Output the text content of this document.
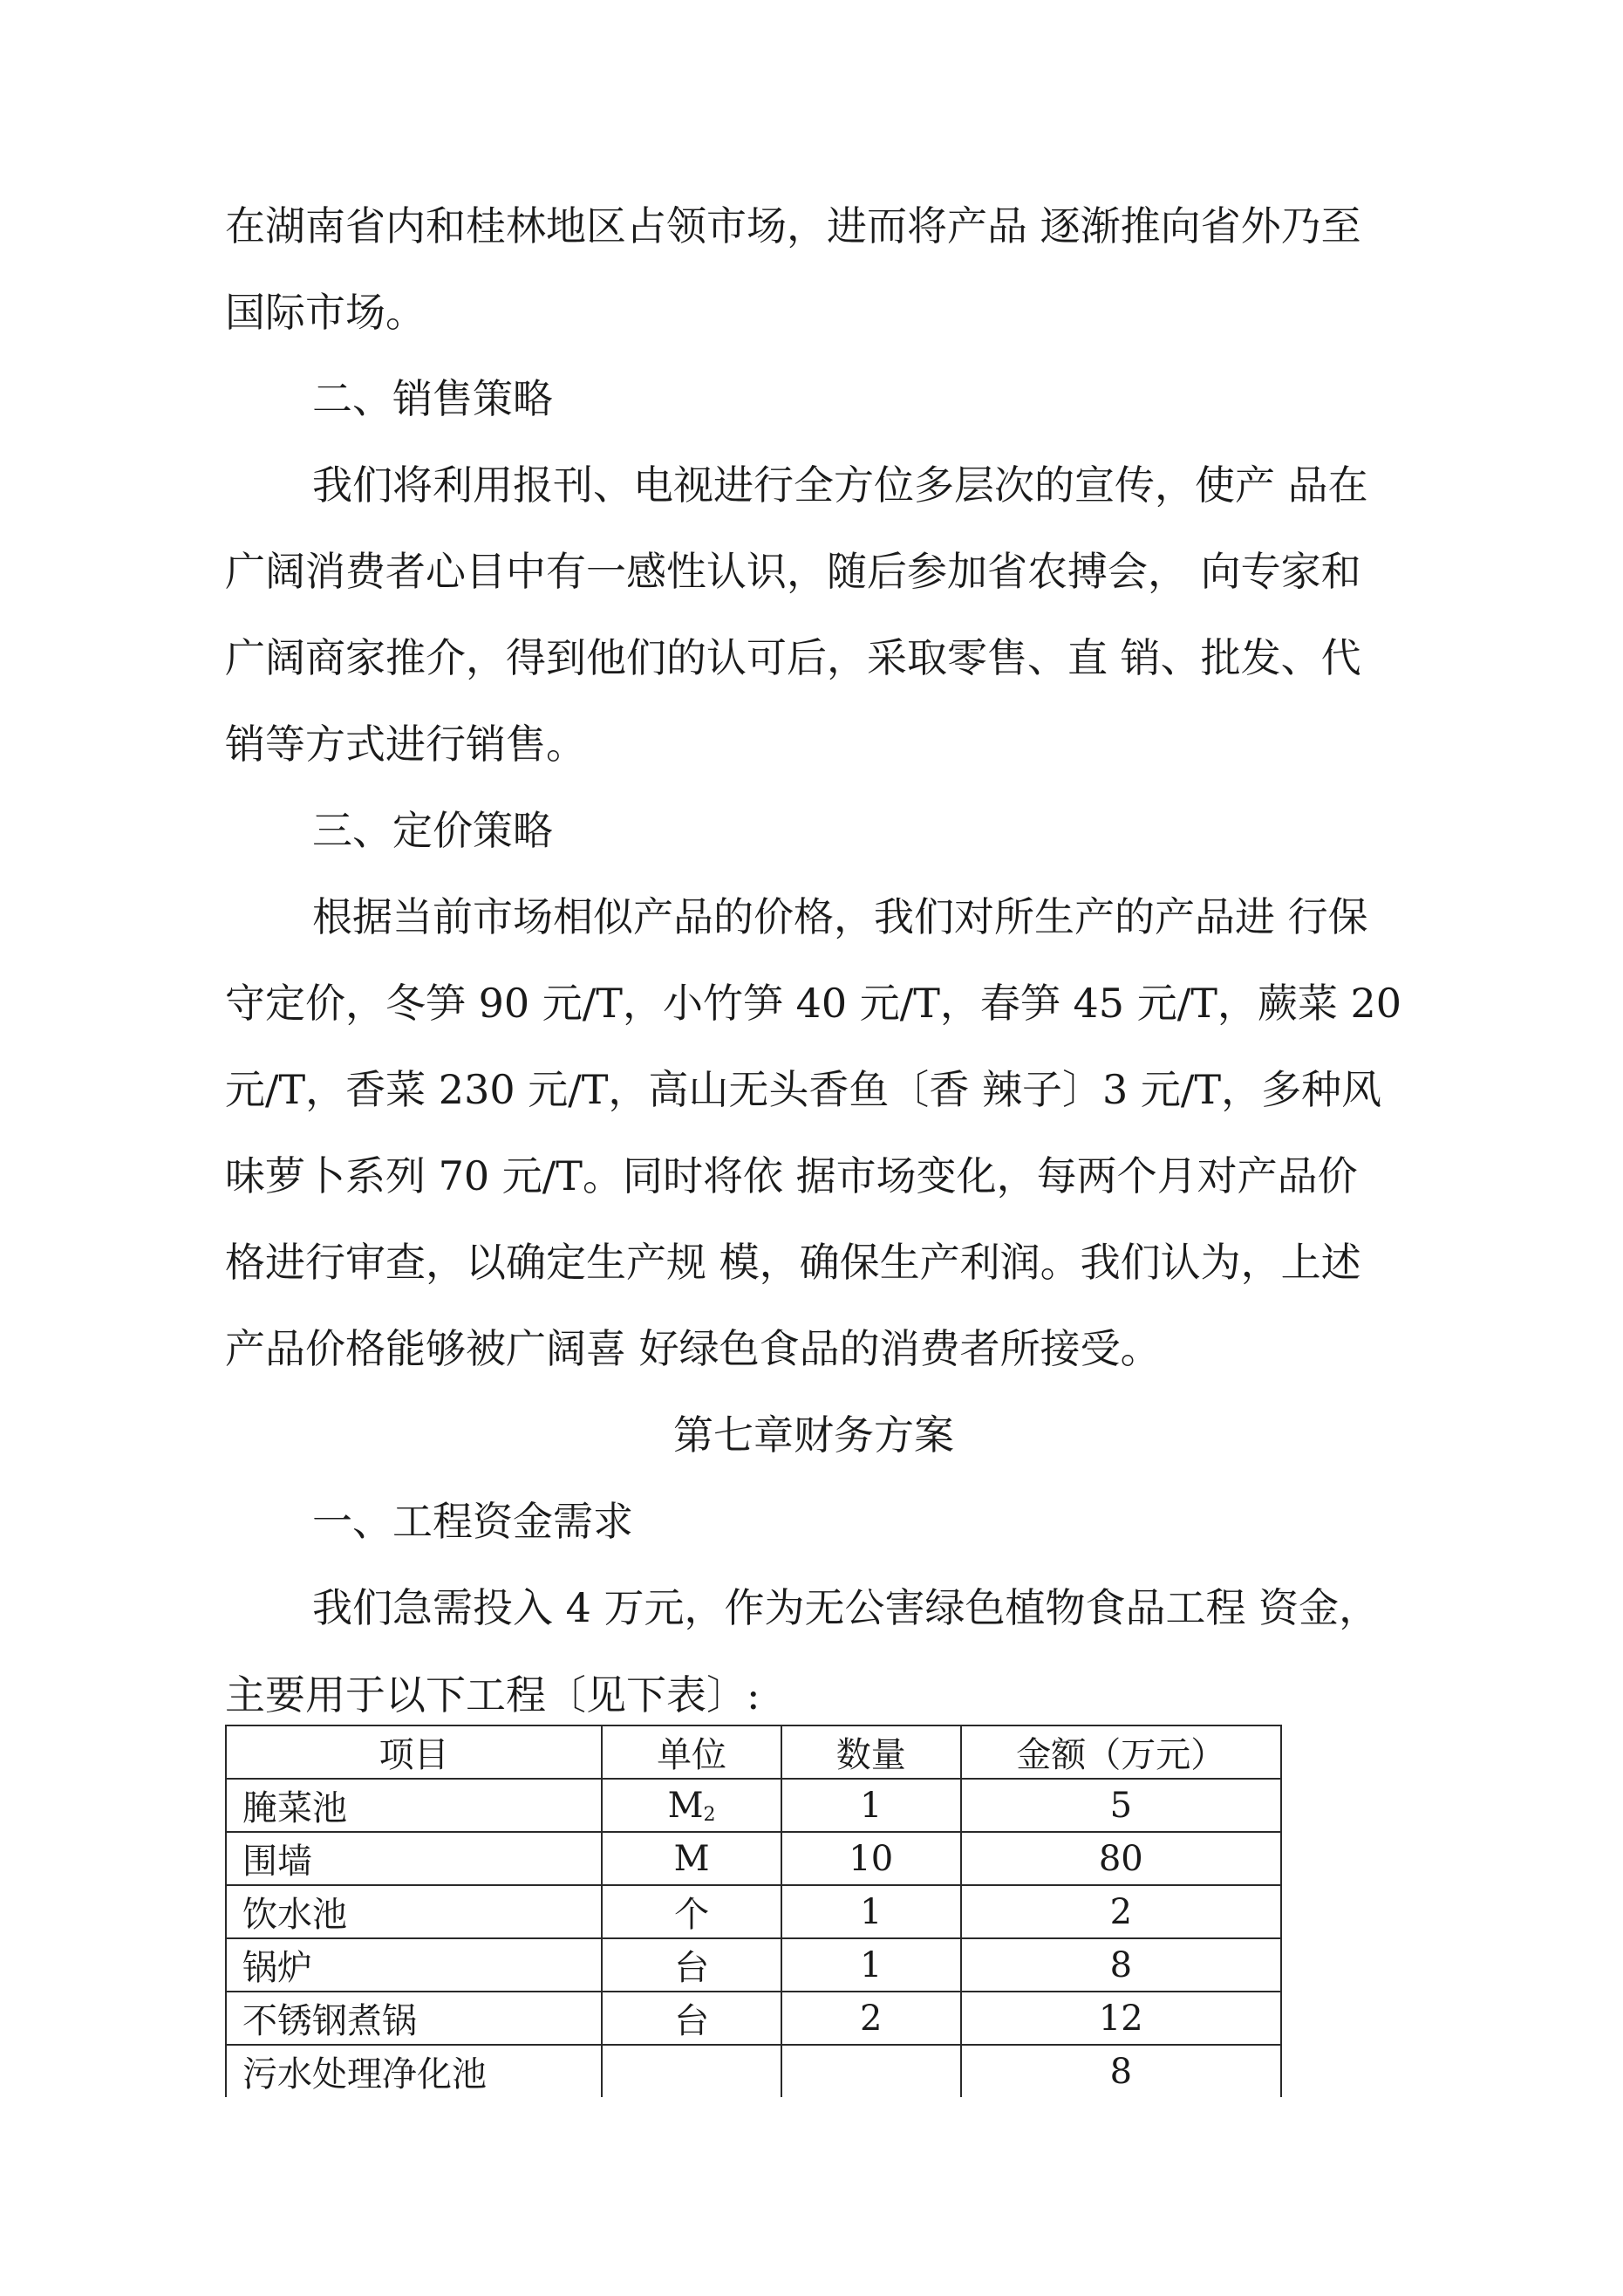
在湖南省内和桂林地区占领市场，进而将产品 逐渐推向省外乃至
国际市场。
二、销售策略
我们将利用报刊、电视进行全方位多层次的宣传，使产 品在
广阔消费者心目中有一感性认识，随后参加省农搏会， 向专家和
广阔商家推介，得到他们的认可后，采取零售、直 销、批发、代
销等方式进行销售。
三、定价策略
根据当前市场相似产品的价格，我们对所生产的产品进 行保
守定价，冬笋 90 元/T，小竹笋 40 元/T，春笋 45 元/T，蕨菜 20
元/T，香菜 230 元/T，高山无头香鱼〔香 辣子〕3 元/T，多种风
味萝卜系列 70 元/T。同时将依 据市场变化，每两个月对产品价
格进行审查，以确定生产规 模，确保生产利润。我们认为，上述
产品价格能够被广阔喜 好绿色食品的消费者所接受。
第七章财务方案
一、工程资金需求
我们急需投入 4 万元，作为无公害绿色植物食品工程 资金，
主要用于以下工程〔见下表〕:
项目	单位	数量	金额（万元）
腌菜池	$M_2$	1	5
围墙	M	10	80
饮水池	个	1	2
锅炉	台	1	8
不锈钢煮锅	台	2	12
污水处理净化池			8
